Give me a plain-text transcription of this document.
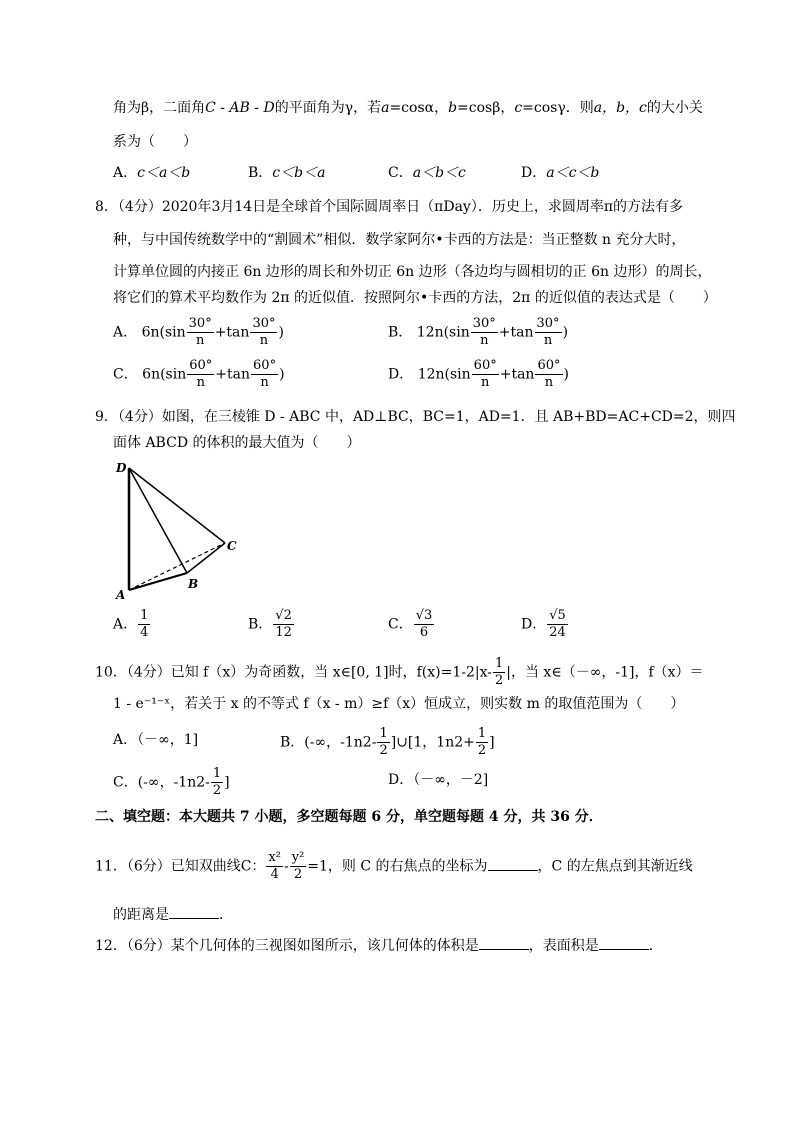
角为β，二面角C - AB - D的平面角为γ，若a=cosα，b=cosβ，c=cosγ．则a，b，c的大小关
系为（　　）
A．c＜a＜b	B．c＜b＜a	C．a＜b＜c	D．a＜c＜b
8．（4分）2020年3月14日是全球首个国际圆周率日（πDay）．历史上，求圆周率π的方法有多
种，与中国传统数学中的“割圆术”相似．数学家阿尔•卡西的方法是：当正整数 n 充分大时，
计算单位圆的内接正 6n 边形的周长和外切正 6n 边形（各边均与圆相切的正 6n 边形）的周长，
将它们的算术平均数作为 2π 的近似值．按照阿尔•卡西的方法，2π 的近似值的表达式是（　　）
A． $6n(\sin \frac{30^\circ}{n} +\tan \frac{30^\circ}{n}$ )	B． $12n(\sin \frac{30^\circ}{n} +\tan \frac{30^\circ}{n}$ )
C． $6n(\sin \frac{60^\circ}{n} +\tan \frac{60^\circ}{n}$ )	D． $12n(\sin \frac{60^\circ}{n} +\tan \frac{60^\circ}{n}$ )
9．（4分）如图，在三棱锥 D - ABC 中，AD⊥BC，BC=1，AD=1．且 AB+BD=AC+CD=2，则四
面体 ABCD 的体积的最大值为（　　）
D
A
B
C
A． $\frac{1}{4}$	B． $\frac{√2}{12}$	C． $\frac{√3}{6}$	D． $\frac{√5}{24}$
10．（4分）已知 f（x）为奇函数，当 x∈[0, 1]时，$f(x)=1-2|x- \frac{1}{2}$ |，当 x∈（－∞，-1]，f（x）＝
1 - e⁻¹⁻ˣ，若关于 x 的不等式 f（x - m）≥f（x）恒成立，则实数 m 的取值范围为（　　）
A．（－∞，1]	B．(-∞，$-1n2- \frac{1}{2}$ ]∪[1，$1n2+ \frac{1}{2}$ ]
C．(-∞，$-1n2- \frac{1}{2}$ ]	D．（－∞，－2]
二、填空题：本大题共 7 小题，多空题每题 6 分，单空题每题 4 分，共 36 分．
11．（6分）已知双曲线C： $\frac{\text{x²}}{4} - \frac{\text{y²}}{2} =1$，则 C 的右焦点的坐标为	，C 的左焦点到其渐近线
的距离是	．
12．（6分）某个几何体的三视图如图所示，该几何体的体积是	，表面积是	．
